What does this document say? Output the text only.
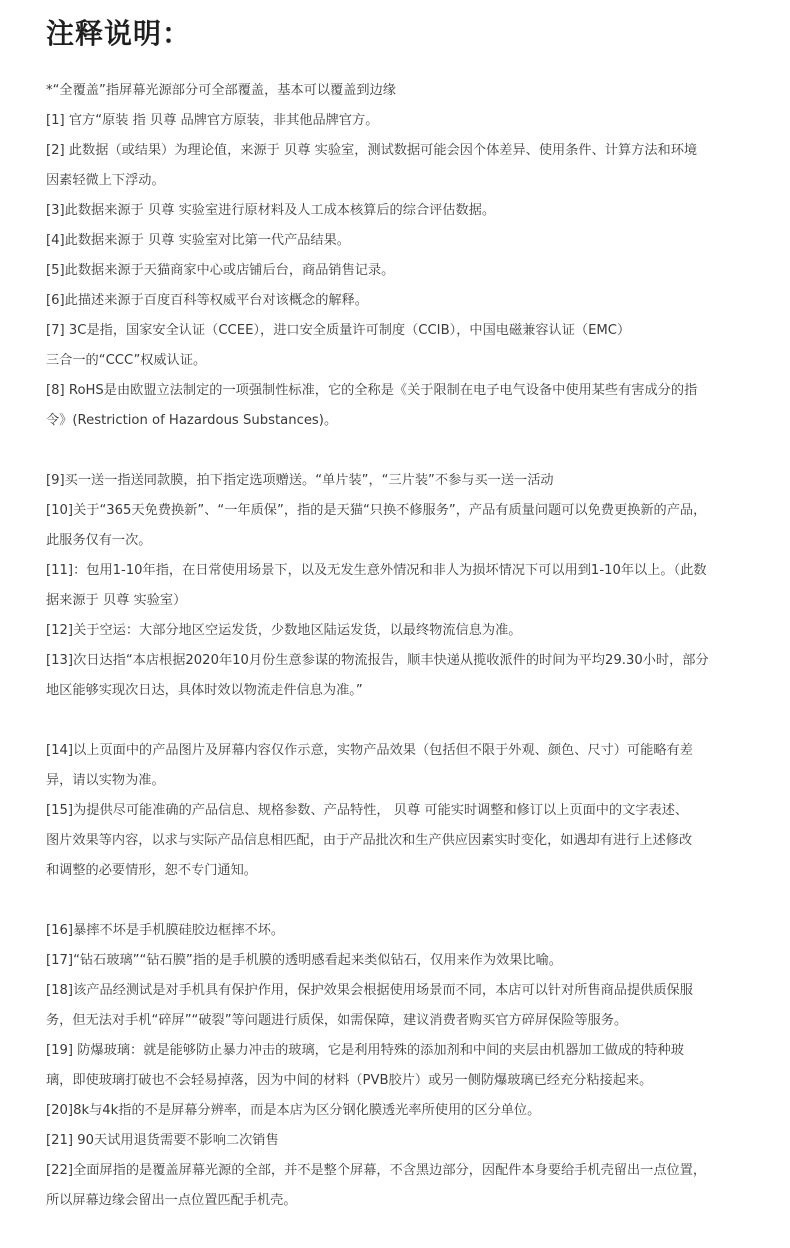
注释说明：
*“全覆盖”指屏幕光源部分可全部覆盖，基本可以覆盖到边缘
[1] 官方“原装 指 贝尊 品牌官方原装，非其他品牌官方。
[2] 此数据（或结果）为理论值，来源于 贝尊 实验室，测试数据可能会因个体差异、使用条件、计算方法和环境
因素轻微上下浮动。
[3]此数据来源于 贝尊 实验室进行原材料及人工成本核算后的综合评估数据。
[4]此数据来源于 贝尊 实验室对比第一代产品结果。
[5]此数据来源于天猫商家中心或店铺后台，商品销售记录。
[6]此描述来源于百度百科等权威平台对该概念的解释。
[7] 3C是指，国家安全认证（CCEE），进口安全质量许可制度（CCIB），中国电磁兼容认证（EMC）
三合一的“CCC”权威认证。
[8] RoHS是由欧盟立法制定的一项强制性标准，它的全称是《关于限制在电子电气设备中使用某些有害成分的指
令》(Restriction of Hazardous Substances)。
[9]买一送一指送同款膜，拍下指定选项赠送。“单片装”，“三片装”不参与买一送一活动
[10]关于“365天免费换新”、“一年质保”，指的是天猫“只换不修服务”，产品有质量问题可以免费更换新的产品，
此服务仅有一次。
[11]：包用1-10年指，在日常使用场景下，以及无发生意外情况和非人为损坏情况下可以用到1-10年以上。（此数
据来源于 贝尊 实验室）
[12]关于空运：大部分地区空运发货，少数地区陆运发货，以最终物流信息为准。
[13]次日达指“本店根据2020年10月份生意参谋的物流报告，顺丰快递从揽收派件的时间为平均29.30小时，部分
地区能够实现次日达，具体时效以物流走件信息为准。”
[14]以上页面中的产品图片及屏幕内容仅作示意，实物产品效果（包括但不限于外观、颜色、尺寸）可能略有差
异，请以实物为准。
[15]为提供尽可能准确的产品信息、规格参数、产品特性， 贝尊 可能实时调整和修订以上页面中的文字表述、
图片效果等内容，以求与实际产品信息相匹配，由于产品批次和生产供应因素实时变化，如遇却有进行上述修改
和调整的必要情形，恕不专门通知。
[16]暴摔不坏是手机膜硅胶边框摔不坏。
[17]“钻石玻璃”“钻石膜”指的是手机膜的透明感看起来类似钻石，仅用来作为效果比喻。
[18]该产品经测试是对手机具有保护作用，保护效果会根据使用场景而不同，本店可以针对所售商品提供质保服
务，但无法对手机“碎屏”“破裂”等问题进行质保，如需保障，建议消费者购买官方碎屏保险等服务。
[19] 防爆玻璃：就是能够防止暴力冲击的玻璃，它是利用特殊的添加剂和中间的夹层由机器加工做成的特种玻
璃，即使玻璃打破也不会轻易掉落，因为中间的材料（PVB胶片）或另一侧防爆玻璃已经充分粘接起来。
[20]8k与4k指的不是屏幕分辨率，而是本店为区分钢化膜透光率所使用的区分单位。
[21] 90天试用退货需要不影响二次销售
[22]全面屏指的是覆盖屏幕光源的全部，并不是整个屏幕，不含黑边部分，因配件本身要给手机壳留出一点位置，
所以屏幕边缘会留出一点位置匹配手机壳。
